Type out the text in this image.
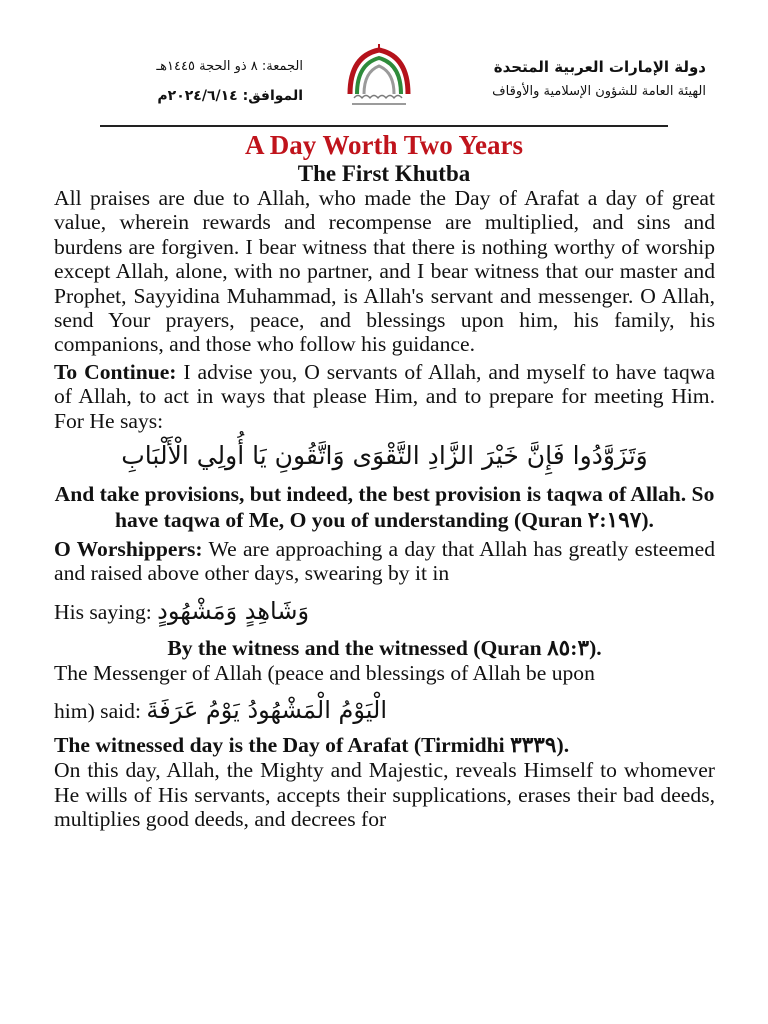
دولة الإمارات العربية المتحدة
الهيئة العامة للشؤون الإسلامية والأوقاف
الجمعة: ٨ ذو الحجة ١٤٤٥هـ
الموافق: ٢٠٢٤/٦/١٤م
A Day Worth Two Years
The First Khutba

All praises are due to Allah, who made the Day of Arafat a day of great value, wherein rewards and recompense are multiplied, and sins and burdens are forgiven. I bear witness that there is nothing worthy of worship except Allah, alone, with no partner, and I bear witness that our master and Prophet, Sayyidina Muhammad, is Allah's servant and messenger. O Allah, send Your prayers, peace, and blessings upon him, his family, his companions, and those who follow his guidance.

To Continue: I advise you, O servants of Allah, and myself to have taqwa of Allah, to act in ways that please Him, and to prepare for meeting Him. For He says:

وَتَزَوَّدُوا فَإِنَّ خَيْرَ الزَّادِ التَّقْوَى وَاتَّقُونِ يَا أُولِي الْأَلْبَابِ

And take provisions, but indeed, the best provision is taqwa of Allah. So have taqwa of Me, O you of understanding (Quran ٢:١٩٧).

O Worshippers: We are approaching a day that Allah has greatly esteemed and raised above other days, swearing by it in

His saying: وَشَاهِدٍ وَمَشْهُودٍ

By the witness and the witnessed (Quran ٨٥:٣).

The Messenger of Allah (peace and blessings of Allah be upon

him) said: الْيَوْمُ الْمَشْهُودُ يَوْمُ عَرَفَةَ

The witnessed day is the Day of Arafat (Tirmidhi ٣٣٣٩).

On this day, Allah, the Mighty and Majestic, reveals Himself to whomever He wills of His servants, accepts their supplications, erases their bad deeds, multiplies good deeds, and decrees for
